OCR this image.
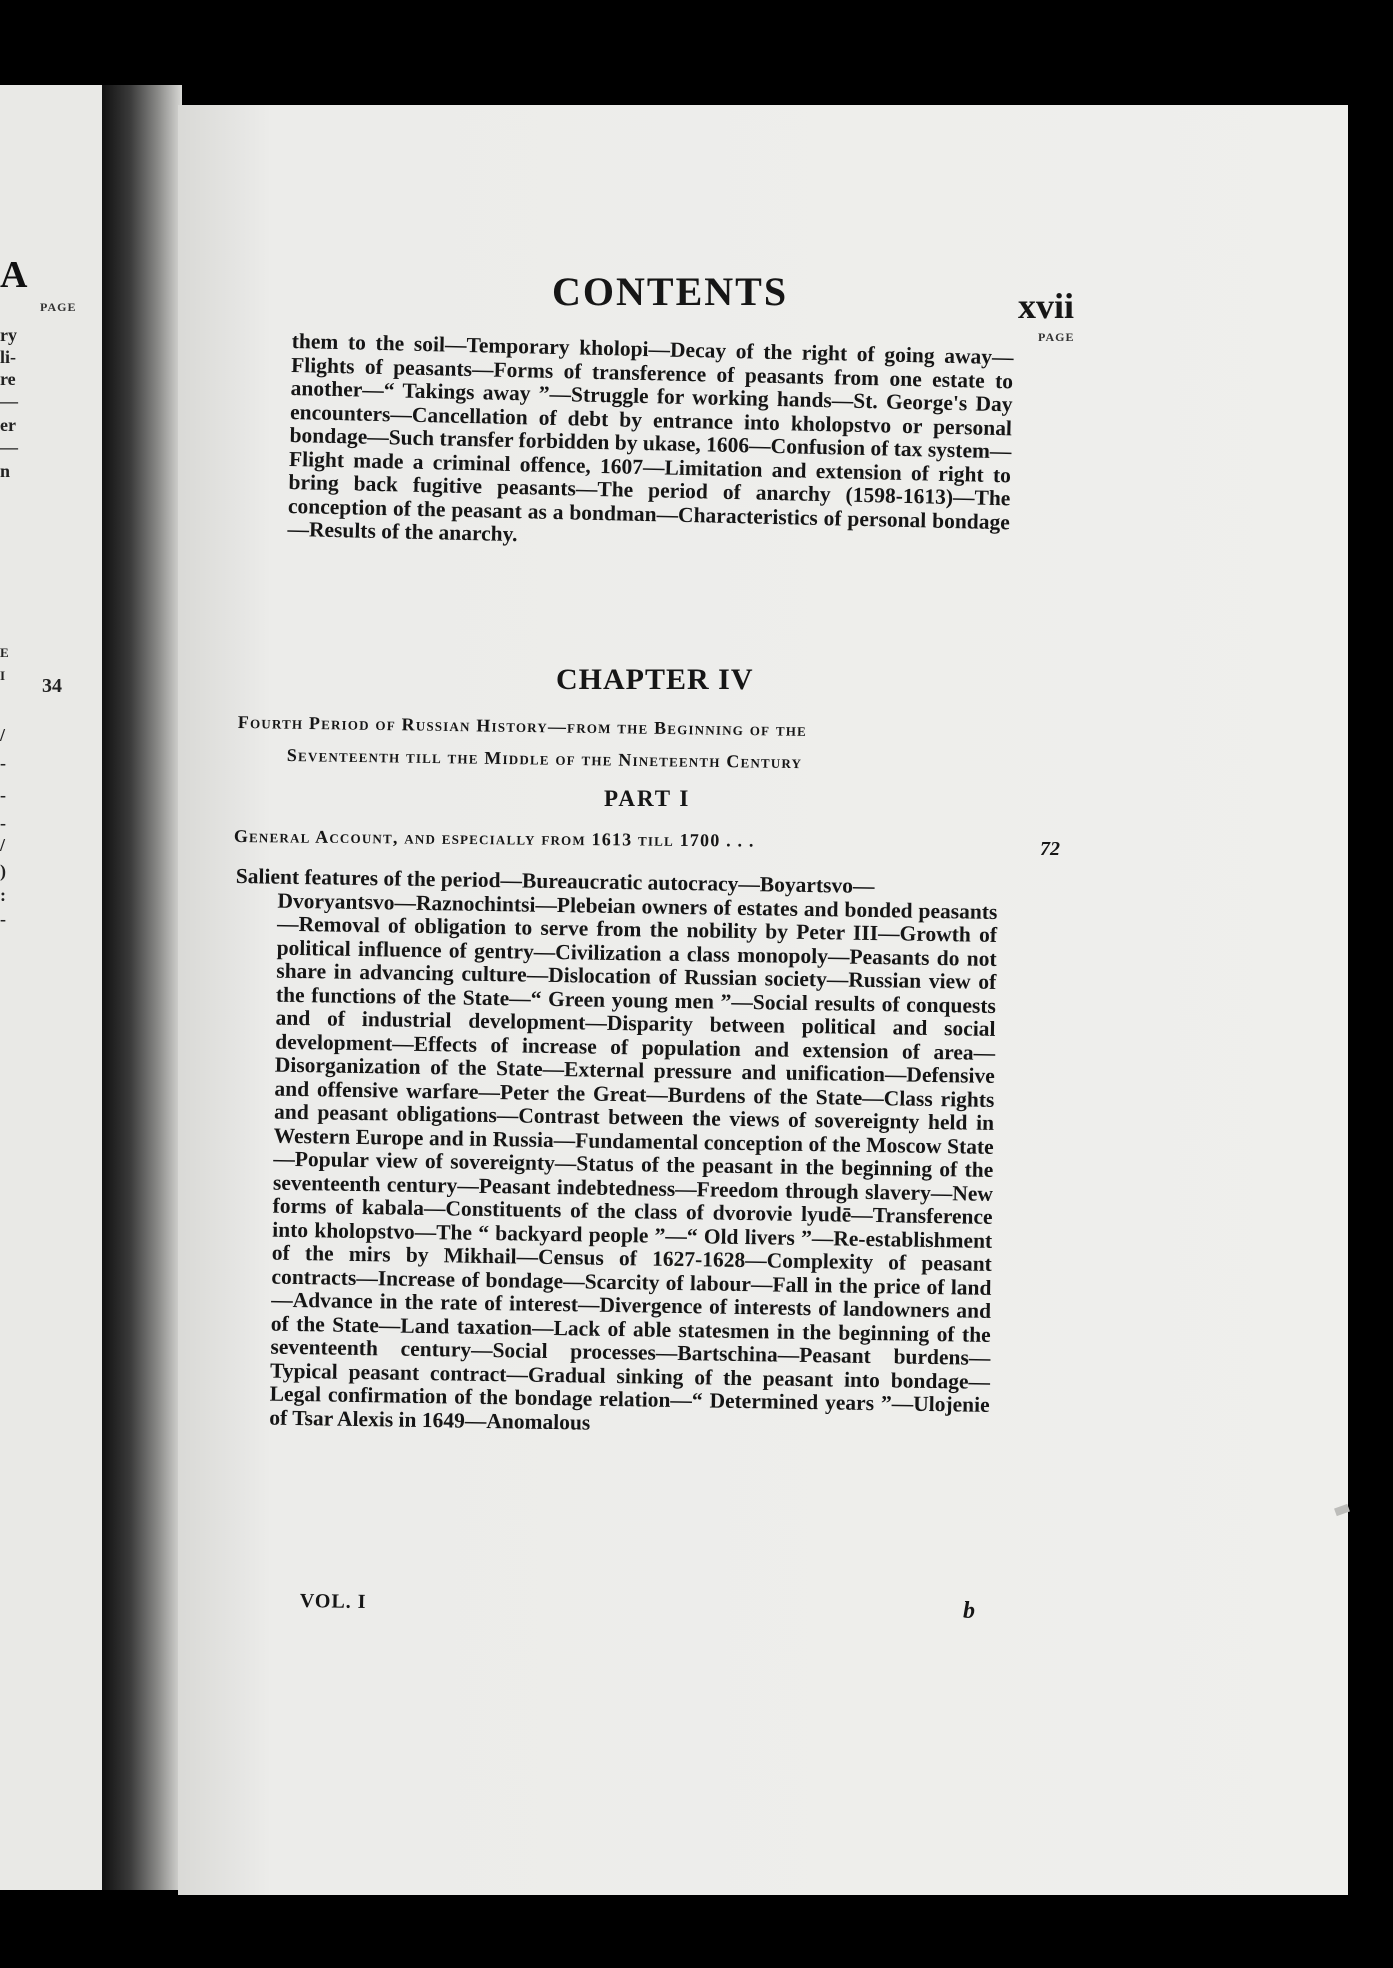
A
PAGE
ry
li-
re
—
er
—
n
E
I
/
-
-
-
/
)
:
-
34
CONTENTS	xvii
PAGE
them to the soil—Temporary kholopi—Decay of the right of going away—Flights of peasants—Forms of transference of peasants from one estate to another—“ Takings away ”—Struggle for working hands—St. George's Day encounters—Cancellation of debt by entrance into kholopstvo or personal bondage—Such transfer forbidden by ukase, 1606—Confusion of tax system—Flight made a criminal offence, 1607—Limitation and extension of right to bring back fugitive peasants—The period of anarchy (1598-1613)—The conception of the peasant as a bondman—Characteristics of personal bondage—Results of the anarchy.
CHAPTER IV
Fourth Period of Russian History—from the Beginning of the
Seventeenth till the Middle of the Nineteenth Century
PART I
General Account, and especially from 1613 till 1700 . . .	72
Salient features of the period—Bureaucratic autocracy—Boyartsvo—
Dvoryantsvo—Raznochintsi—Plebeian owners of estates and bonded peasants—Removal of obligation to serve from the nobility by Peter III—Growth of political influence of gentry—Civilization a class monopoly—Peasants do not share in advancing culture—Dislocation of Russian society—Russian view of the functions of the State—“ Green young men ”—Social results of conquests and of industrial development—Disparity between political and social development—Effects of increase of population and extension of area—Disorganization of the State—External pressure and unification—Defensive and offensive warfare—Peter the Great—Burdens of the State—Class rights and peasant obligations—Contrast between the views of sovereignty held in Western Europe and in Russia—Fundamental conception of the Moscow State—Popular view of sovereignty—Status of the peasant in the beginning of the seventeenth century—Peasant indebtedness—Freedom through slavery—New forms of kabala—Constituents of the class of dvorovie lyudē—Transference into kholopstvo—The “ backyard people ”—“ Old livers ”—Re-establishment of the mirs by Mikhail—Census of 1627-1628—Complexity of peasant contracts—Increase of bondage—Scarcity of labour—Fall in the price of land—Advance in the rate of interest—Divergence of interests of landowners and of the State—Land taxation—Lack of able statesmen in the beginning of the seventeenth century—Social processes—Bartschina—Peasant burdens—Typical peasant contract—Gradual sinking of the peasant into bondage—Legal confirmation of the bondage relation—“ Determined years ”—Ulojenie of Tsar Alexis in 1649—Anomalous
VOL. I	b
